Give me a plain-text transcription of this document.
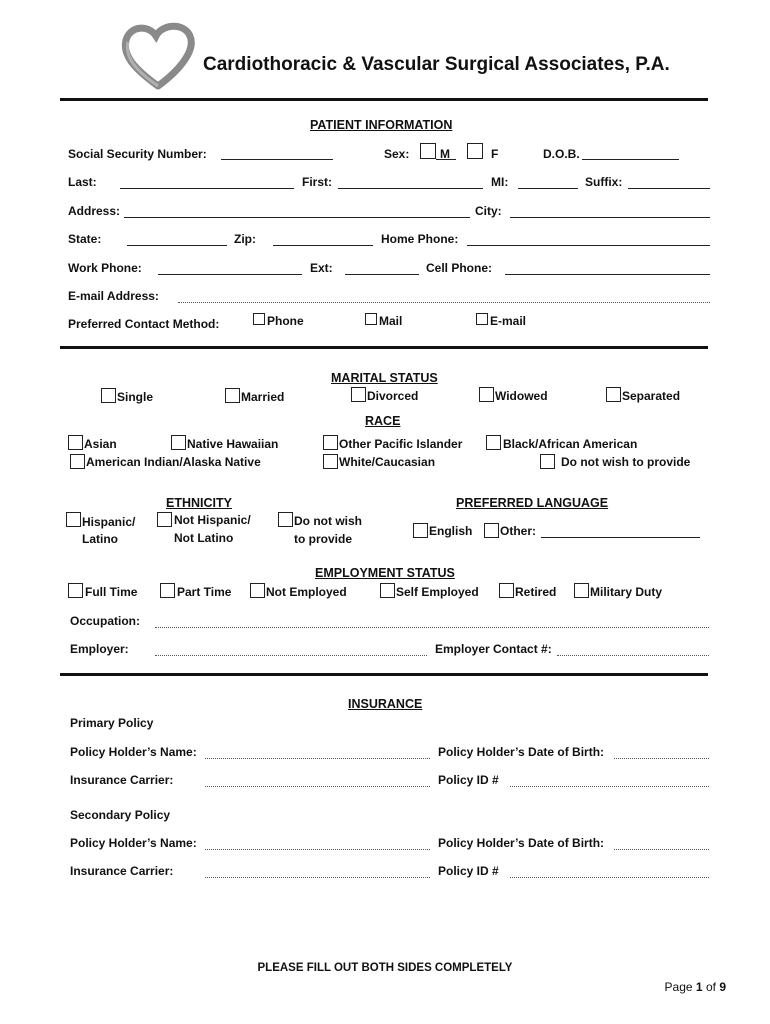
Cardiothoracic & Vascular Surgical Associates, P.A.
PATIENT INFORMATION
Social Security Number:	Sex:	M	F	D.O.B.
Last:	First:	MI:	Suffix:
Address:	City:
State:	Zip:	Home Phone:
Work Phone:	Ext:	Cell Phone:
E-mail Address:
Preferred Contact Method:	Phone	Mail	E-mail
MARITAL STATUS
Single	Married	Divorced	Widowed	Separated
RACE
Asian	Native Hawaiian	Other Pacific Islander	Black/African American
American Indian/Alaska Native	White/Caucasian	Do not wish to provide
ETHNICITY
Hispanic/
Latino
Not Hispanic/
Not Latino
Do not wish
to provide
PREFERRED LANGUAGE
English Other:
EMPLOYMENT STATUS
Full Time	Part Time	Not Employed	Self Employed	Retired	Military Duty
Occupation:
Employer:	Employer Contact #:
INSURANCE
Primary Policy
Policy Holder’s Name:	Policy Holder’s Date of Birth:
Insurance Carrier:	Policy ID #
Secondary Policy
Policy Holder’s Name:	Policy Holder’s Date of Birth:
Insurance Carrier:	Policy ID #
PLEASE FILL OUT BOTH SIDES COMPLETELY
Page 1 of 9
